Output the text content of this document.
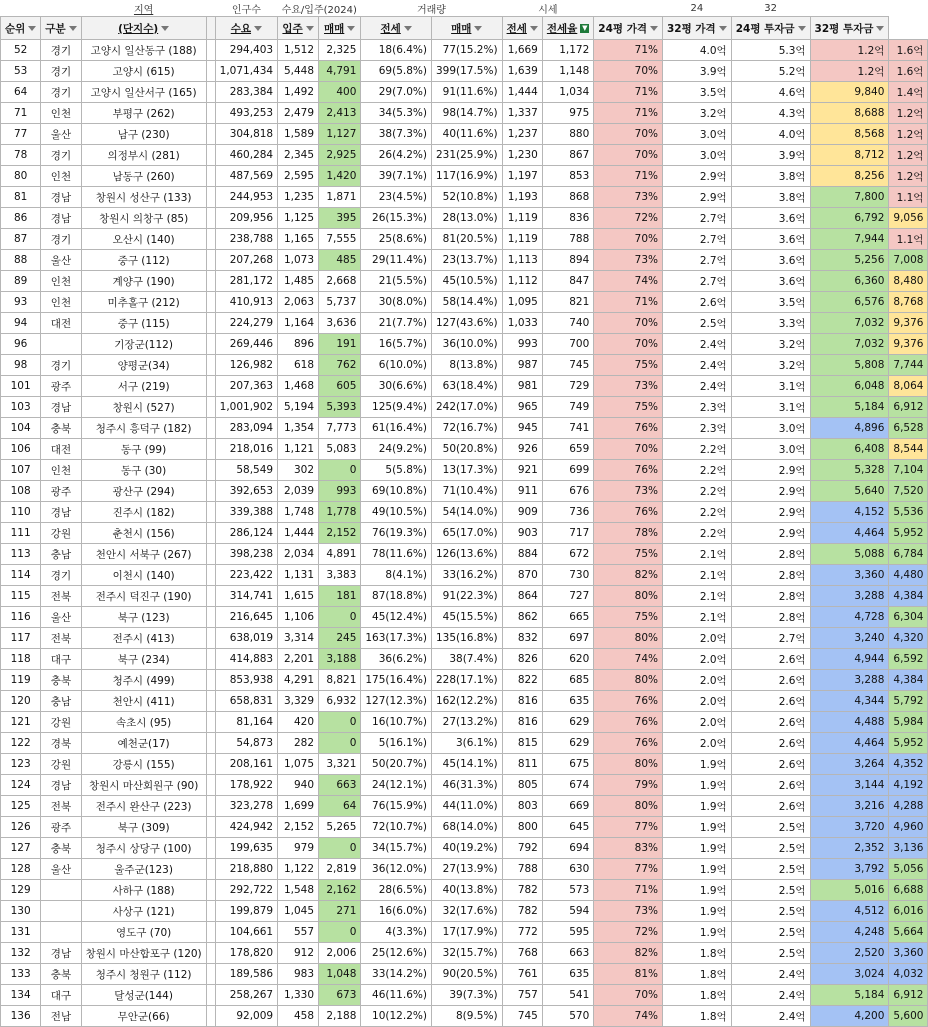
		지역		인구수	수요/입주(2024)		거래량		시세			24	32		
순위	구분	(단지수)		수요	입주	매매	전세	매매	전세	전세율 ▼	24평 가격	32평 가격	24평 투자금	32평 투자금	
52	경기	고양시 일산동구 (188)		294,403	1,512	2,325	18(6.4%)	77(15.2%)	1,669	1,172	71%	4.0억	5.3억	1.2억	1.6억
53	경기	고양시 (615)		1,071,434	5,448	4,791	69(5.8%)	399(17.5%)	1,639	1,148	70%	3.9억	5.2억	1.2억	1.6억
64	경기	고양시 일산서구 (165)		283,384	1,492	400	29(7.0%)	91(11.6%)	1,444	1,034	71%	3.5억	4.6억	9,840	1.4억
71	인천	부평구 (262)		493,253	2,479	2,413	34(5.3%)	98(14.7%)	1,337	975	71%	3.2억	4.3억	8,688	1.2억
77	울산	남구 (230)		304,818	1,589	1,127	38(7.3%)	40(11.6%)	1,237	880	70%	3.0억	4.0억	8,568	1.2억
78	경기	의정부시 (281)		460,284	2,345	2,925	26(4.2%)	231(25.9%)	1,230	867	70%	3.0억	3.9억	8,712	1.2억
80	인천	남동구 (260)		487,569	2,595	1,420	39(7.1%)	117(16.9%)	1,197	853	71%	2.9억	3.8억	8,256	1.2억
81	경남	창원시 성산구 (133)		244,953	1,235	1,871	23(4.5%)	52(10.8%)	1,193	868	73%	2.9억	3.8억	7,800	1.1억
86	경남	창원시 의창구 (85)		209,956	1,125	395	26(15.3%)	28(13.0%)	1,119	836	72%	2.7억	3.6억	6,792	9,056
87	경기	오산시 (140)		238,788	1,165	7,555	25(8.6%)	81(20.5%)	1,119	788	70%	2.7억	3.6억	7,944	1.1억
88	울산	중구 (112)		207,268	1,073	485	29(11.4%)	23(13.7%)	1,113	894	73%	2.7억	3.6억	5,256	7,008
89	인천	계양구 (190)		281,172	1,485	2,668	21(5.5%)	45(10.5%)	1,112	847	74%	2.7억	3.6억	6,360	8,480
93	인천	미추홀구 (212)		410,913	2,063	5,737	30(8.0%)	58(14.4%)	1,095	821	71%	2.6억	3.5억	6,576	8,768
94	대전	중구 (115)		224,279	1,164	3,636	21(7.7%)	127(43.6%)	1,033	740	70%	2.5억	3.3억	7,032	9,376
96		기장군(112)		269,446	896	191	16(5.7%)	36(10.0%)	993	700	70%	2.4억	3.2억	7,032	9,376
98	경기	양평군(34)		126,982	618	762	6(10.0%)	8(13.8%)	987	745	75%	2.4억	3.2억	5,808	7,744
101	광주	서구 (219)		207,363	1,468	605	30(6.6%)	63(18.4%)	981	729	73%	2.4억	3.1억	6,048	8,064
103	경남	창원시 (527)		1,001,902	5,194	5,393	125(9.4%)	242(17.0%)	965	749	75%	2.3억	3.1억	5,184	6,912
104	충북	청주시 흥덕구 (182)		283,094	1,354	7,773	61(16.4%)	72(16.7%)	945	741	76%	2.3억	3.0억	4,896	6,528
106	대전	동구 (99)		218,016	1,121	5,083	24(9.2%)	50(20.8%)	926	659	70%	2.2억	3.0억	6,408	8,544
107	인천	동구 (30)		58,549	302	0	5(5.8%)	13(17.3%)	921	699	76%	2.2억	2.9억	5,328	7,104
108	광주	광산구 (294)		392,653	2,039	993	69(10.8%)	71(10.4%)	911	676	73%	2.2억	2.9억	5,640	7,520
110	경남	진주시 (182)		339,388	1,748	1,778	49(10.5%)	54(14.0%)	909	736	76%	2.2억	2.9억	4,152	5,536
111	강원	춘천시 (156)		286,124	1,444	2,152	76(19.3%)	65(17.0%)	903	717	78%	2.2억	2.9억	4,464	5,952
113	충남	천안시 서북구 (267)		398,238	2,034	4,891	78(11.6%)	126(13.6%)	884	672	75%	2.1억	2.8억	5,088	6,784
114	경기	이천시 (140)		223,422	1,131	3,383	8(4.1%)	33(16.2%)	870	730	82%	2.1억	2.8억	3,360	4,480
115	전북	전주시 덕진구 (190)		314,741	1,615	181	87(18.8%)	91(22.3%)	864	727	80%	2.1억	2.8억	3,288	4,384
116	울산	북구 (123)		216,645	1,106	0	45(12.4%)	45(15.5%)	862	665	75%	2.1억	2.8억	4,728	6,304
117	전북	전주시 (413)		638,019	3,314	245	163(17.3%)	135(16.8%)	832	697	80%	2.0억	2.7억	3,240	4,320
118	대구	북구 (234)		414,883	2,201	3,188	36(6.2%)	38(7.4%)	826	620	74%	2.0억	2.6억	4,944	6,592
119	충북	청주시 (499)		853,938	4,291	8,821	175(16.4%)	228(17.1%)	822	685	80%	2.0억	2.6억	3,288	4,384
120	충남	천안시 (411)		658,831	3,329	6,932	127(12.3%)	162(12.2%)	816	635	76%	2.0억	2.6억	4,344	5,792
121	강원	속초시 (95)		81,164	420	0	16(10.7%)	27(13.2%)	816	629	76%	2.0억	2.6억	4,488	5,984
122	경북	예천군(17)		54,873	282	0	5(16.1%)	3(6.1%)	815	629	76%	2.0억	2.6억	4,464	5,952
123	강원	강릉시 (155)		208,161	1,075	3,321	50(20.7%)	45(14.1%)	811	675	80%	1.9억	2.6억	3,264	4,352
124	경남	창원시 마산회원구 (90)		178,922	940	663	24(12.1%)	46(31.3%)	805	674	79%	1.9억	2.6억	3,144	4,192
125	전북	전주시 완산구 (223)		323,278	1,699	64	76(15.9%)	44(11.0%)	803	669	80%	1.9억	2.6억	3,216	4,288
126	광주	북구 (309)		424,942	2,152	5,265	72(10.7%)	68(14.0%)	800	645	77%	1.9억	2.5억	3,720	4,960
127	충북	청주시 상당구 (100)		199,635	979	0	34(15.7%)	40(19.2%)	792	694	83%	1.9억	2.5억	2,352	3,136
128	울산	울주군(123)		218,880	1,122	2,819	36(12.0%)	27(13.9%)	788	630	77%	1.9억	2.5억	3,792	5,056
129		사하구 (188)		292,722	1,548	2,162	28(6.5%)	40(13.8%)	782	573	71%	1.9억	2.5억	5,016	6,688
130		사상구 (121)		199,879	1,045	271	16(6.0%)	32(17.6%)	782	594	73%	1.9억	2.5억	4,512	6,016
131		영도구 (70)		104,661	557	0	4(3.3%)	17(17.9%)	772	595	72%	1.9억	2.5억	4,248	5,664
132	경남	창원시 마산합포구 (120)		178,820	912	2,006	25(12.6%)	32(15.7%)	768	663	82%	1.8억	2.5억	2,520	3,360
133	충북	청주시 청원구 (112)		189,586	983	1,048	33(14.2%)	90(20.5%)	761	635	81%	1.8억	2.4억	3,024	4,032
134	대구	달성군(144)		258,267	1,330	673	46(11.6%)	39(7.3%)	757	541	70%	1.8억	2.4억	5,184	6,912
136	전남	무안군(66)		92,009	458	2,188	10(12.2%)	8(9.5%)	745	570	74%	1.8억	2.4억	4,200	5,600
